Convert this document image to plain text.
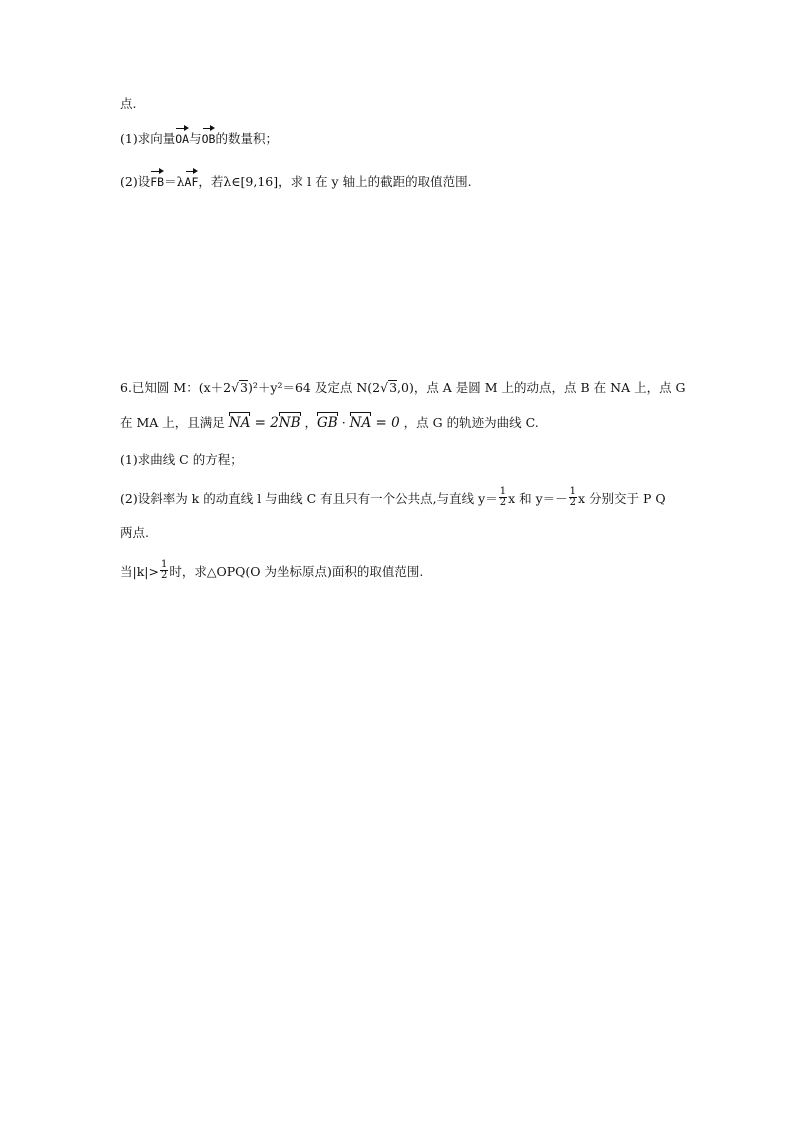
点.
(1)求向量OA与OB的数量积；
(2)设FB＝λAF，若λ∈[9,16]，求 l 在 y 轴上的截距的取值范围.
6.已知圆 M：(x＋2√3)²＋y²＝64 及定点 N(2√3,0)，点 A 是圆 M 上的动点，点 B 在 NA 上，点 G
在 MA 上，且满足 NA = 2NB ，GB · NA = 0 ，点 G 的轨迹为曲线 C.
(1)求曲线 C 的方程；
(2)设斜率为 k 的动直线 l 与曲线 C 有且只有一个公共点,与直线 $y= \frac{1}{2}$ x 和 $y=- \frac{1}{2}$ x 分别交于 P Q
两点.
当$|k|> \frac{1}{2}$ 时，求△OPQ(O 为坐标原点)面积的取值范围.
